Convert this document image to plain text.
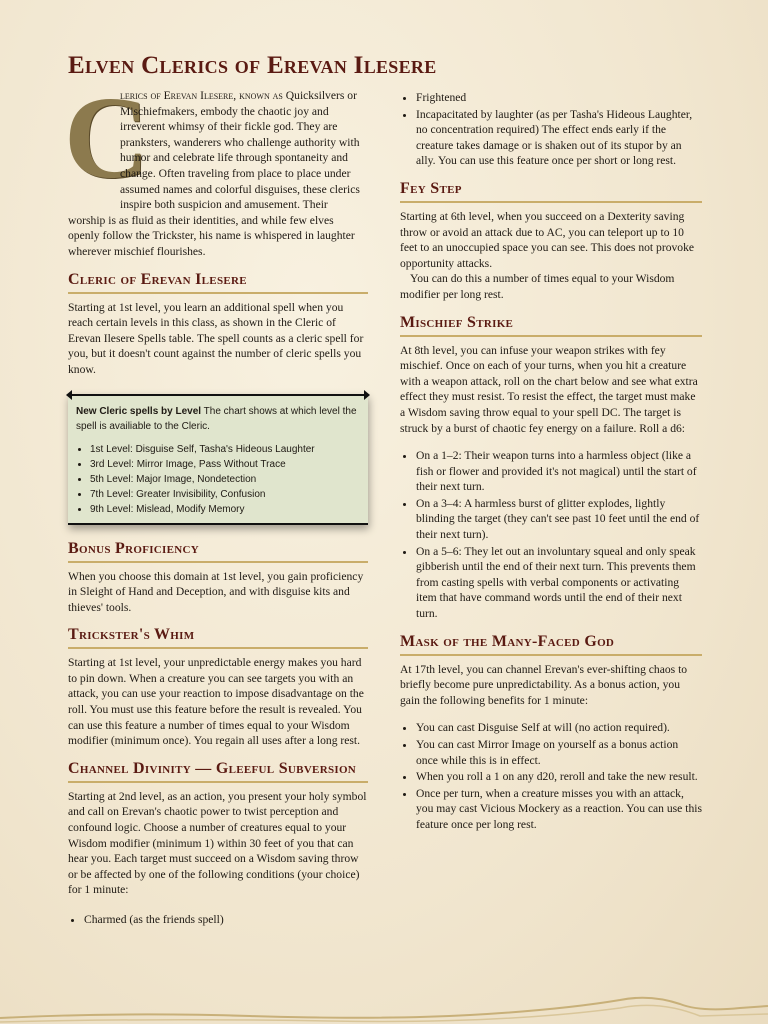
Elven Clerics of Erevan Ilesere
C

lerics of Erevan Ilesere, known as Quicksilvers or Mischiefmakers, embody the chaotic joy and irreverent whimsy of their fickle god. They are pranksters, wanderers who challenge authority with humor and celebrate life through spontaneity and change. Often traveling from place to place under assumed names and colorful disguises, these clerics inspire both suspicion and amusement. Their worship is as fluid as their identities, and while few elves openly follow the Trickster, his name is whispered in laughter wherever mischief flourishes.

Cleric of Erevan Ilesere

Starting at 1st level, you learn an additional spell when you reach certain levels in this class, as shown in the Cleric of Erevan Ilesere Spells table. The spell counts as a cleric spell for you, but it doesn't count against the number of cleric spells you know.

New Cleric spells by Level The chart shows at which level the spell is availiable to the Cleric.
• 1st Level: Disguise Self, Tasha's Hideous Laughter
• 3rd Level: Mirror Image, Pass Without Trace
• 5th Level: Major Image, Nondetection
• 7th Level: Greater Invisibility, Confusion
• 9th Level: Mislead, Modify Memory
Bonus Proficiency

When you choose this domain at 1st level, you gain proficiency in Sleight of Hand and Deception, and with disguise kits and thieves' tools.

Trickster's Whim

Starting at 1st level, your unpredictable energy makes you hard to pin down. When a creature you can see targets you with an attack, you can use your reaction to impose disadvantage on the roll. You must use this feature before the result is revealed. You can use this feature a number of times equal to your Wisdom modifier (minimum once). You regain all uses after a long rest.

Channel Divinity — Gleeful Subversion

Starting at 2nd level, as an action, you present your holy symbol and call on Erevan's chaotic power to twist perception and confound logic. Choose a number of creatures equal to your Wisdom modifier (minimum 1) within 30 feet of you that can hear you. Each target must succeed on a Wisdom saving throw or be affected by one of the following conditions (your choice) for 1 minute:

• Charmed (as the friends spell)
• Frightened
• Incapacitated by laughter (as per Tasha's Hideous Laughter, no concentration required) The effect ends early if the creature takes damage or is shaken out of its stupor by an ally. You can use this feature once per short or long rest.
Fey Step

Starting at 6th level, when you succeed on a Dexterity saving throw or avoid an attack due to AC, you can teleport up to 10 feet to an unoccupied space you can see. This does not provoke opportunity attacks.

You can do this a number of times equal to your Wisdom modifier per long rest.

Mischief Strike

At 8th level, you can infuse your weapon strikes with fey mischief. Once on each of your turns, when you hit a creature with a weapon attack, roll on the chart below and see what extra effect they must resist. To resist the effect, the target must make a Wisdom saving throw equal to your spell DC. The target is struck by a burst of chaotic fey energy on a failure. Roll a d6:

• On a 1–2: Their weapon turns into a harmless object (like a fish or flower and provided it's not magical) until the start of their next turn.
• On a 3–4: A harmless burst of glitter explodes, lightly blinding the target (they can't see past 10 feet until the end of their next turn).
• On a 5–6: They let out an involuntary squeal and only speak gibberish until the end of their next turn. This prevents them from casting spells with verbal components or activating item that have command words until the end of their next turn.
Mask of the Many-Faced God

At 17th level, you can channel Erevan's ever-shifting chaos to briefly become pure unpredictability. As a bonus action, you gain the following benefits for 1 minute:

• You can cast Disguise Self at will (no action required).
• You can cast Mirror Image on yourself as a bonus action once while this is in effect.
• When you roll a 1 on any d20, reroll and take the new result.
• Once per turn, when a creature misses you with an attack, you may cast Vicious Mockery as a reaction. You can use this feature once per long rest.
